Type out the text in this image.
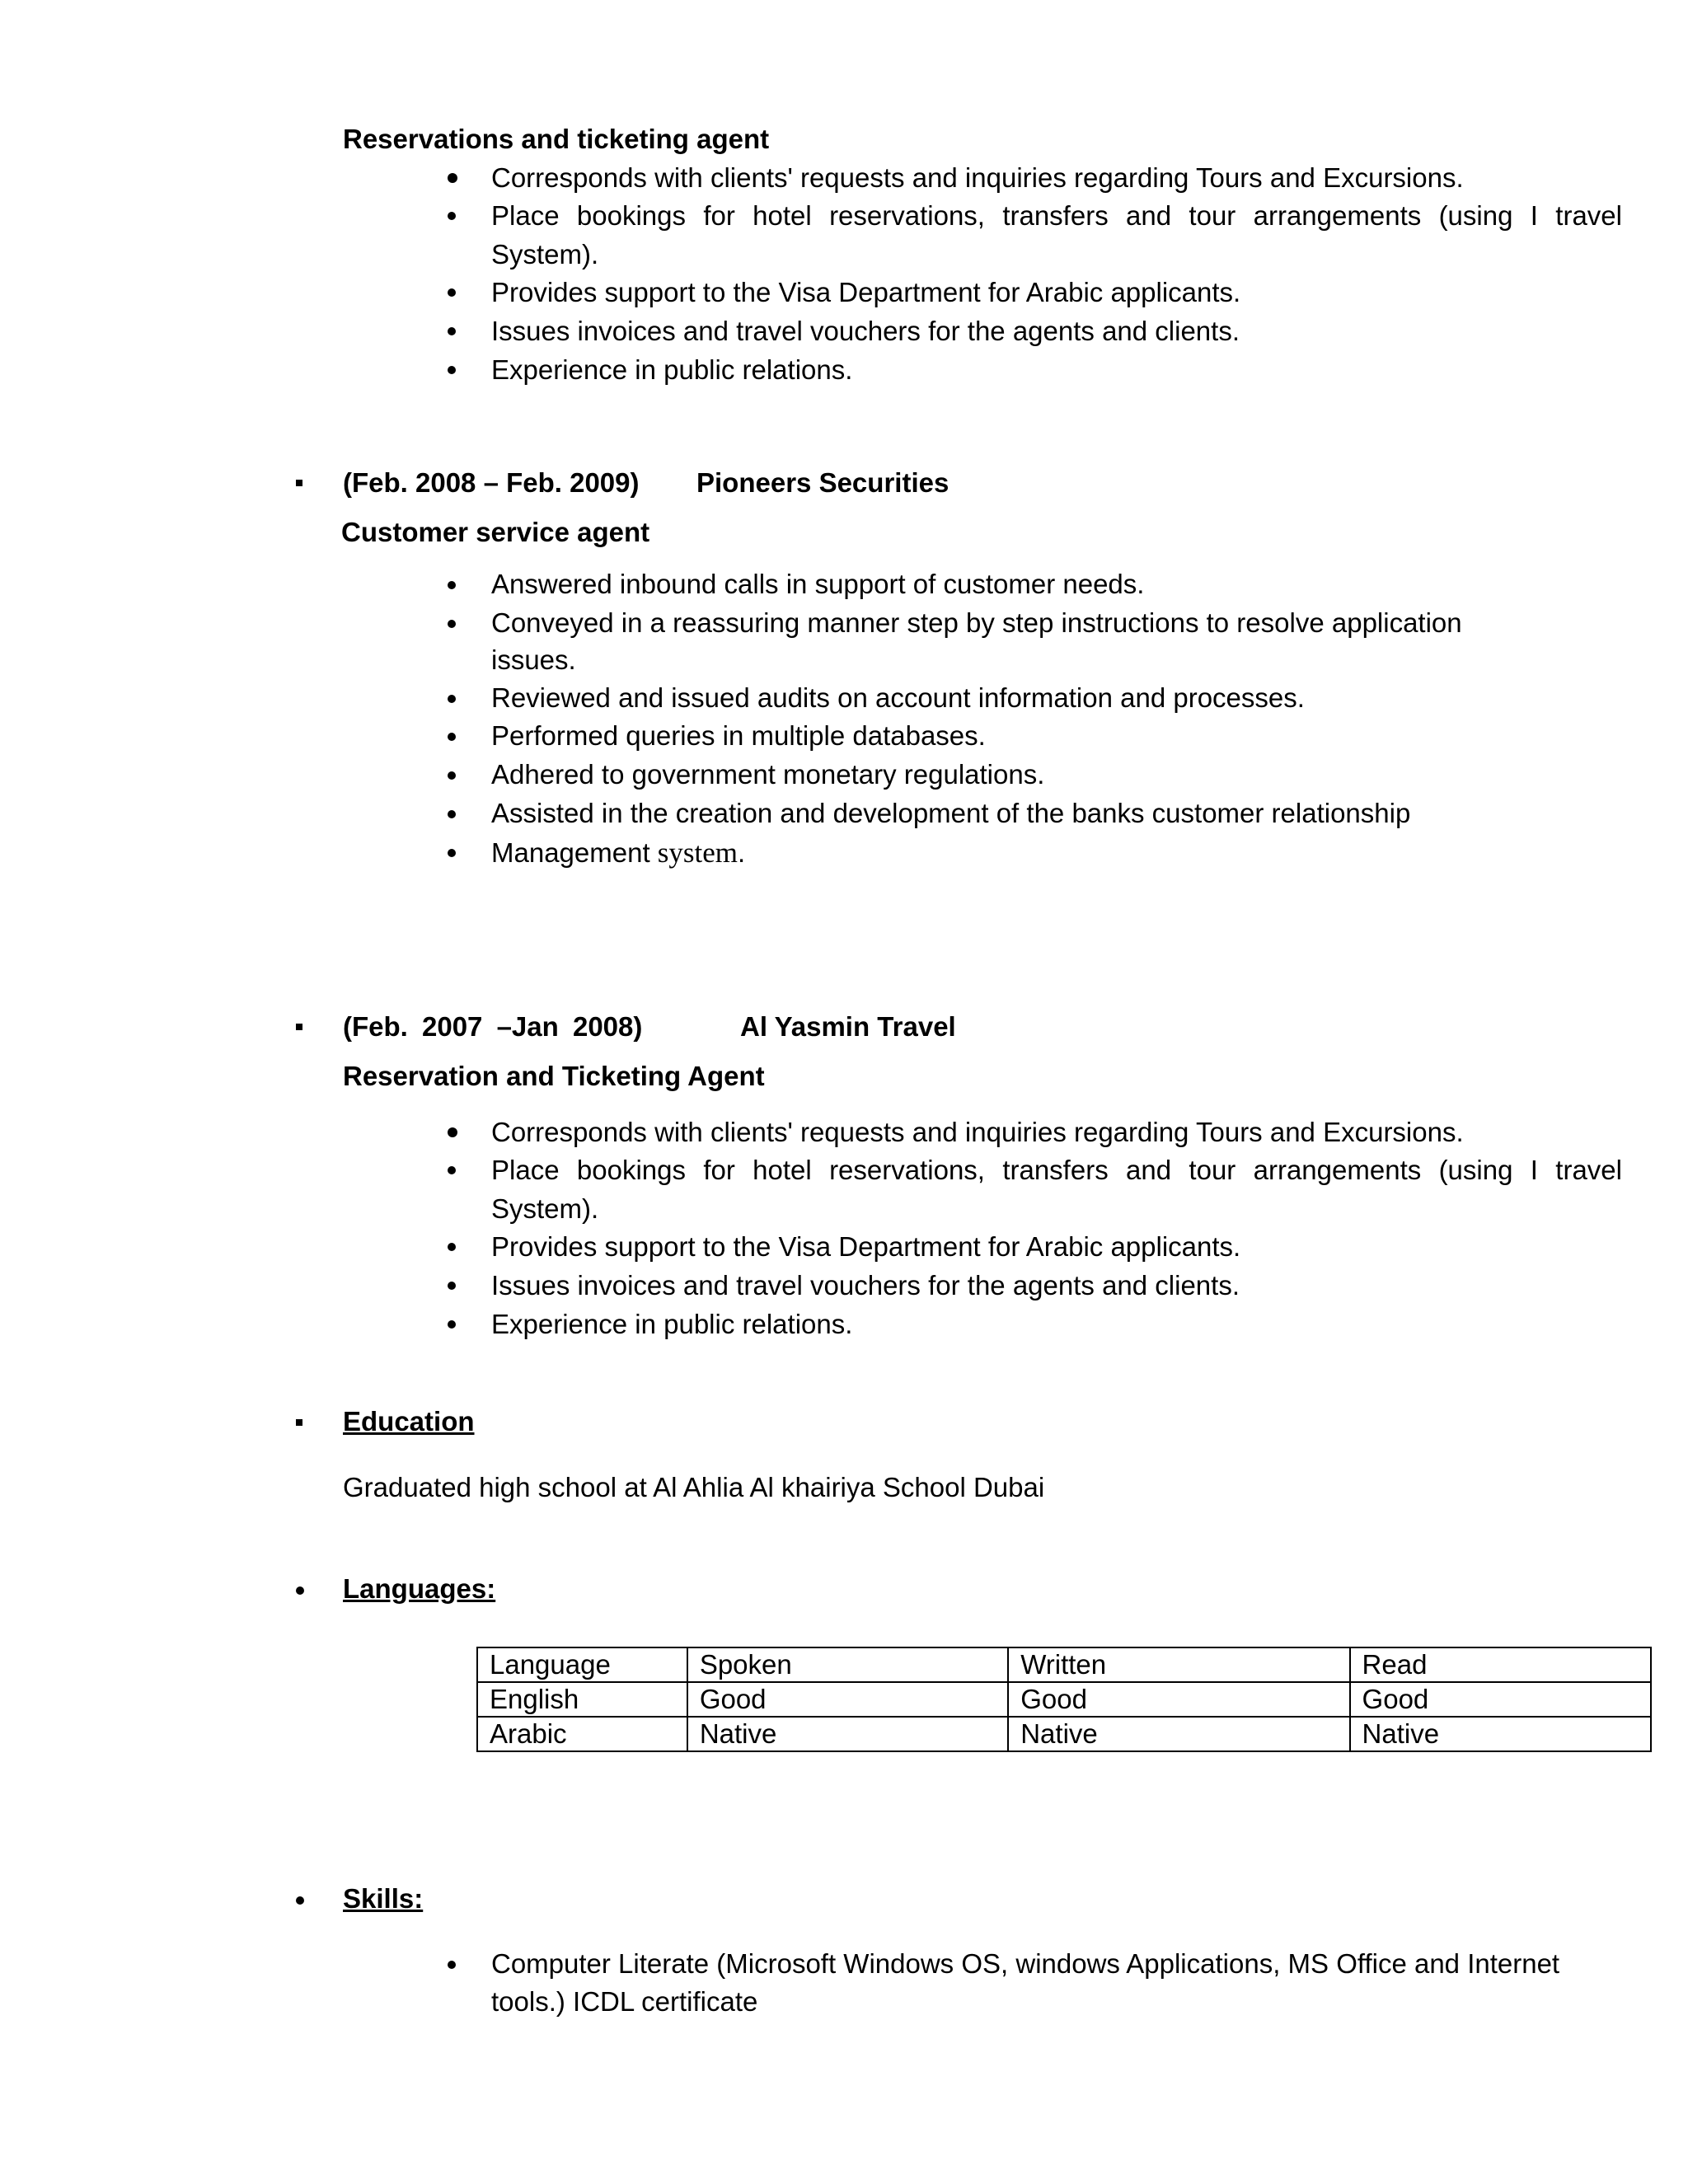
Reservations and ticketing agent
Corresponds with clients' requests and inquiries regarding Tours and Excursions.
Place bookings for hotel reservations, transfers and tour arrangements (using I travel
System).
Provides support to the Visa Department for Arabic applicants.
Issues invoices and travel vouchers for the agents and clients.
Experience in public relations.
(Feb. 2008 – Feb. 2009) Pioneers Securities
Customer service agent
Answered inbound calls in support of customer needs.
Conveyed in a reassuring manner step by step instructions to resolve application
issues.
Reviewed and issued audits on account information and processes.
Performed queries in multiple databases.
Adhered to government monetary regulations.
Assisted in the creation and development of the banks customer relationship
Management system.
(Feb. 2007 –Jan 2008)	Al Yasmin Travel
Reservation and Ticketing Agent
Corresponds with clients' requests and inquiries regarding Tours and Excursions.
Place bookings for hotel reservations, transfers and tour arrangements (using I travel
System).
Provides support to the Visa Department for Arabic applicants.
Issues invoices and travel vouchers for the agents and clients.
Experience in public relations.
Education
Graduated high school at Al Ahlia Al khairiya School Dubai
Languages:
Language	Spoken	Written	Read
English	Good	Good	Good
Arabic	Native	Native	Native
Skills:
Computer Literate (Microsoft Windows OS, windows Applications, MS Office and Internet
tools.) ICDL certificate
